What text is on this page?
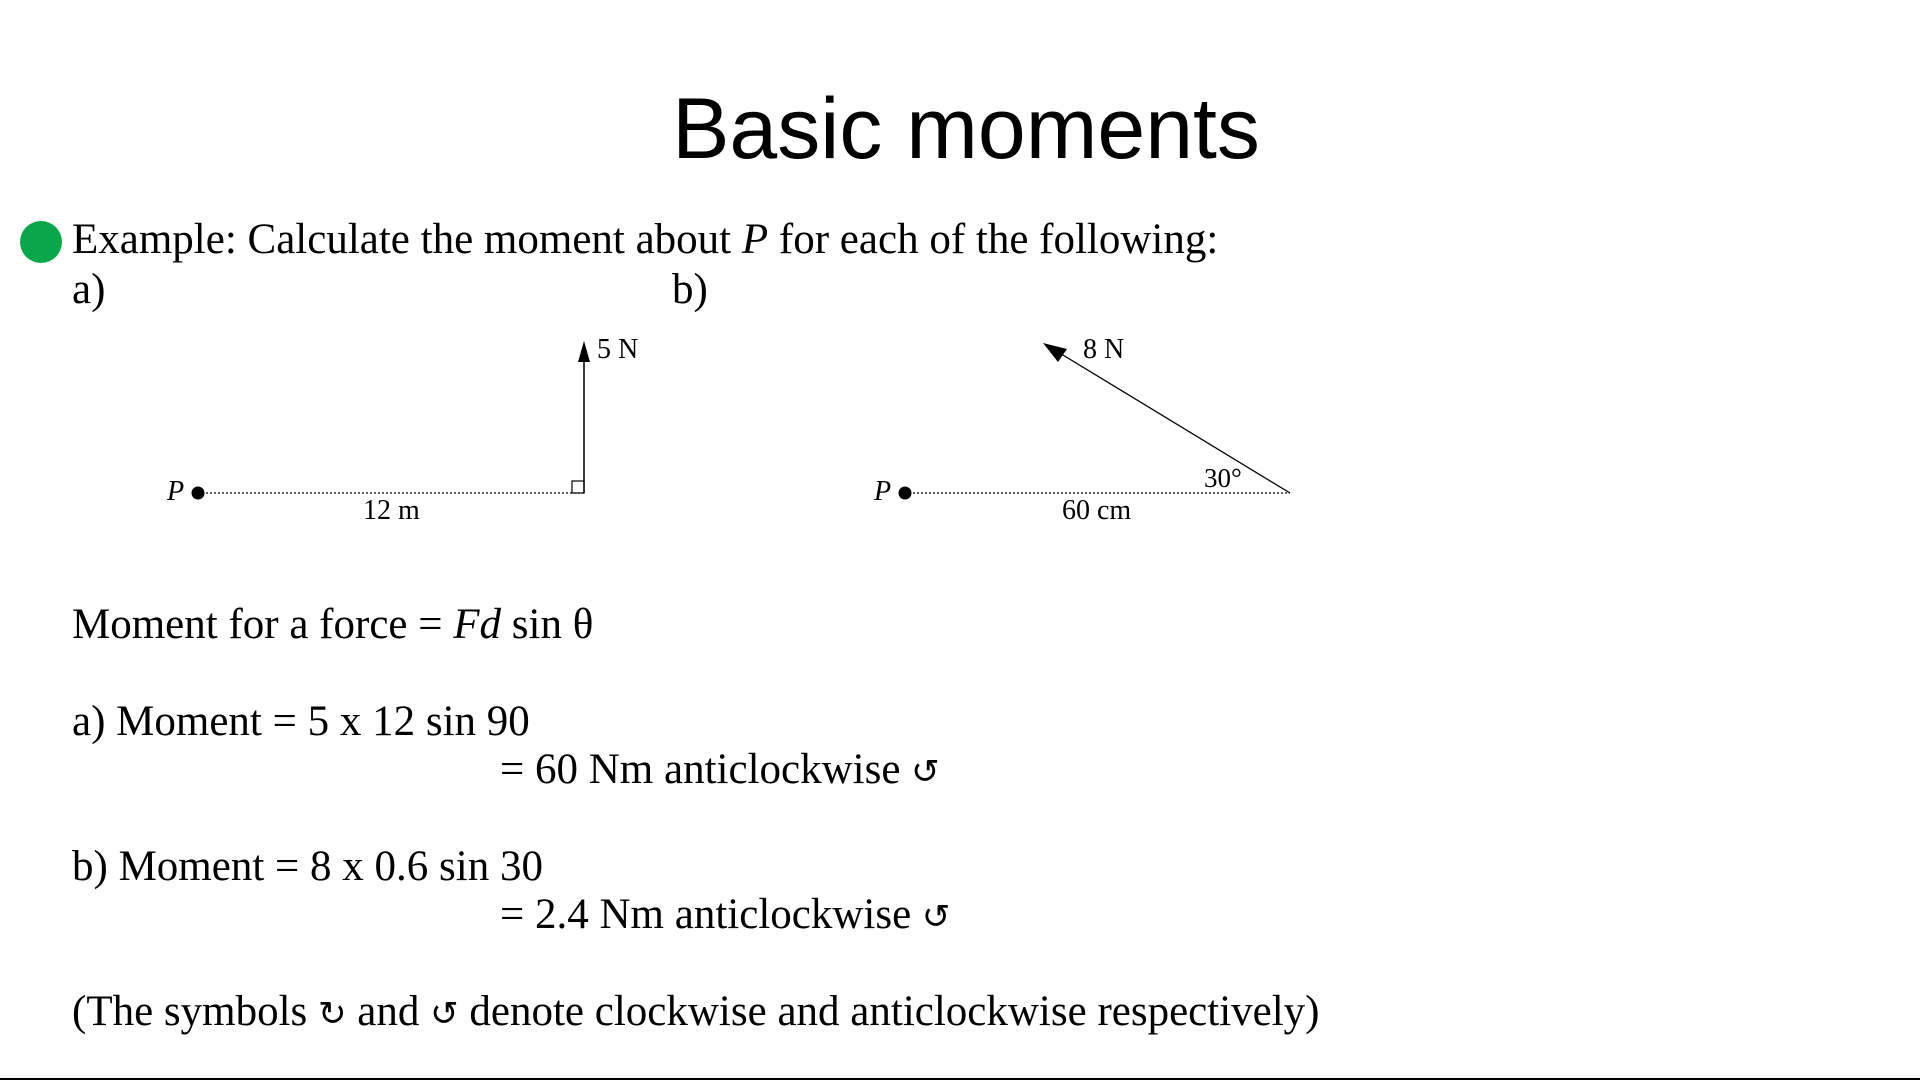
Basic moments
Example: Calculate the moment about P for each of the following:
a)	b)
P
5 N
12 m
P
8 N
60 cm
30°
Moment for a force = Fd sin θ
a) Moment = 5 x 12 sin 90
= 60 Nm anticlockwise ↺
b) Moment = 8 x 0.6 sin 30
= 2.4 Nm anticlockwise ↺
(The symbols ↻ and ↺ denote clockwise and anticlockwise respectively)
